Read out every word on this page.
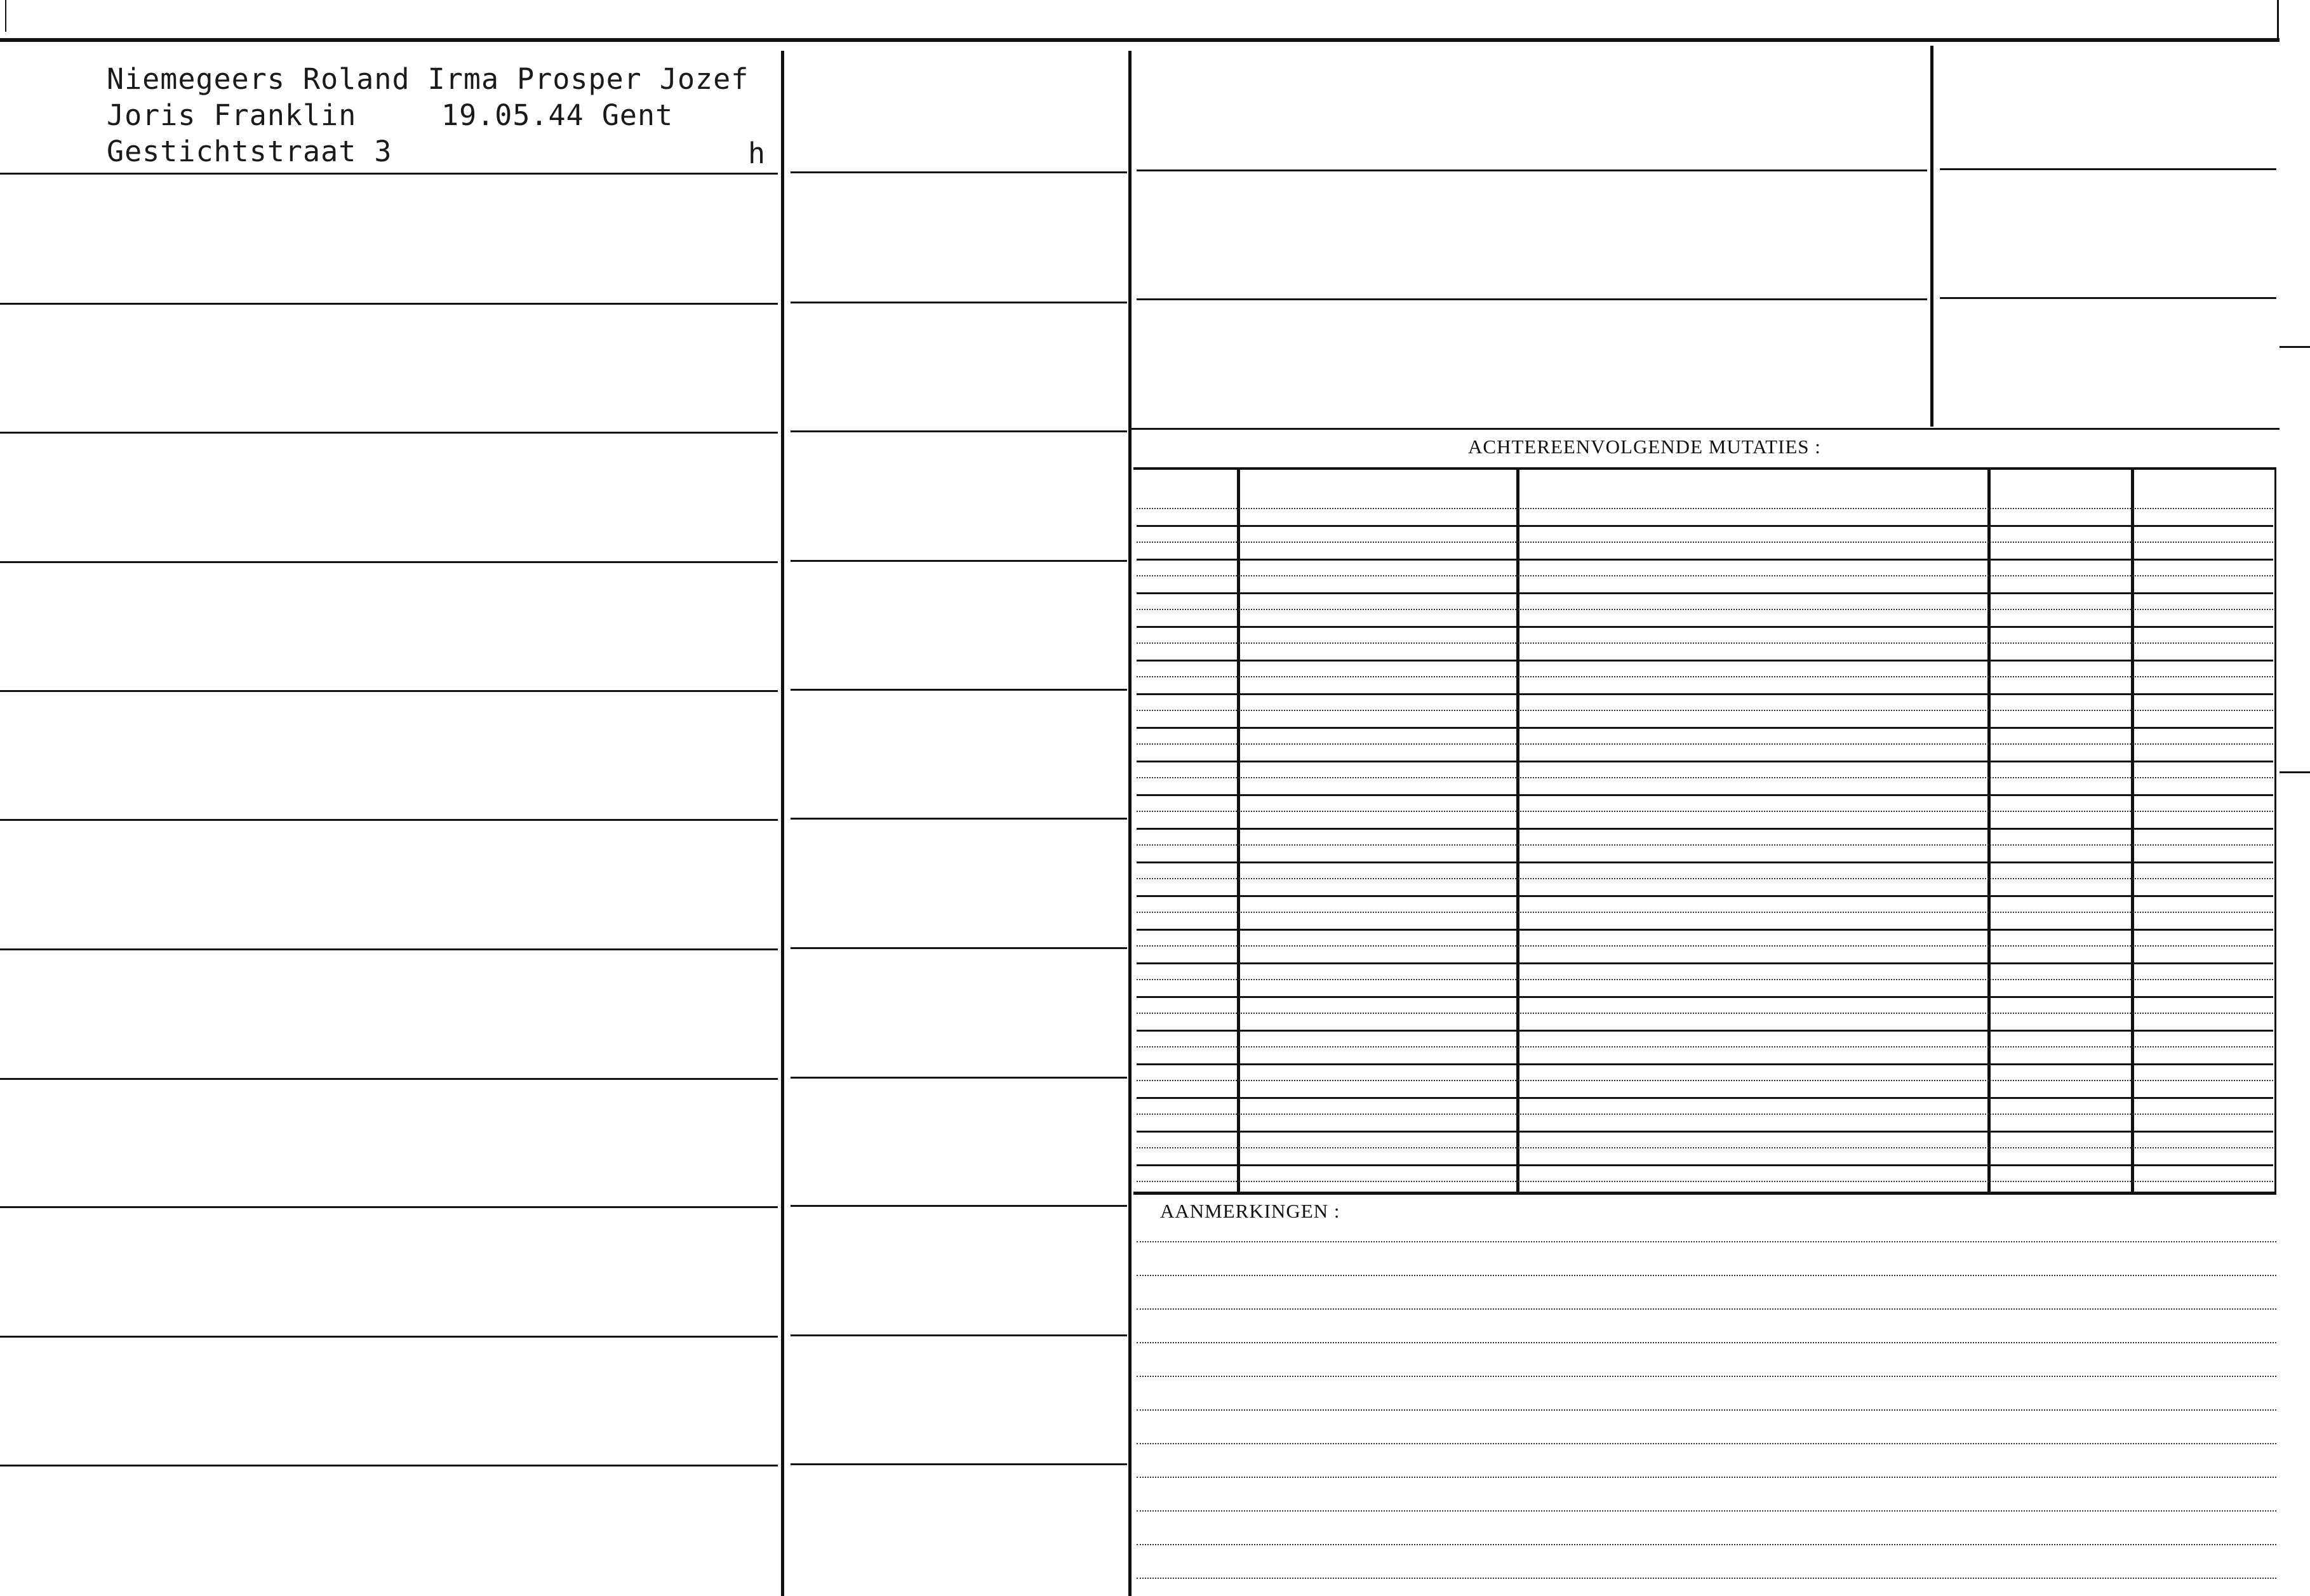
Niemegeers Roland Irma Prosper Jozef
Joris Franklin	19.05.44 Gent
Gestichtstraat 3	h
ACHTEREENVOLGENDE MUTATIES :
AANMERKINGEN :
